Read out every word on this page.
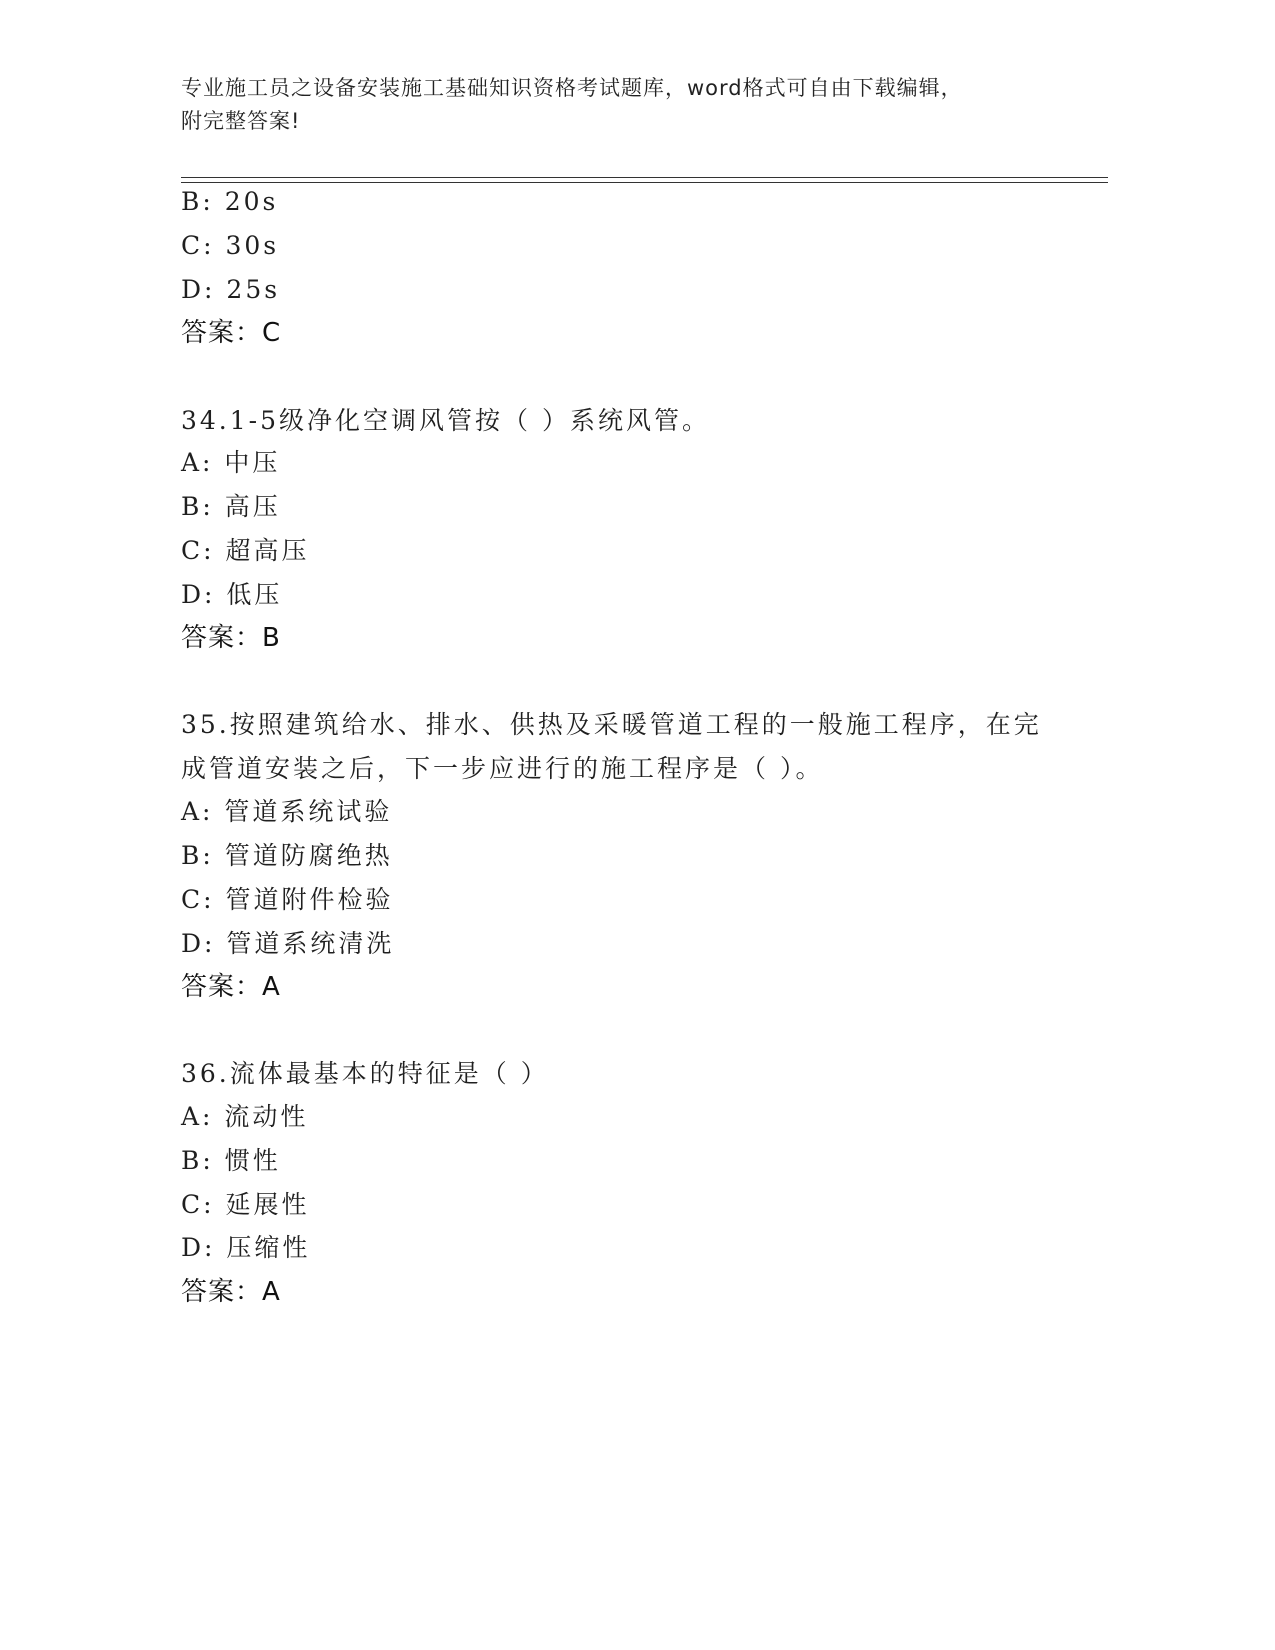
专业施工员之设备安装施工基础知识资格考试题库，word格式可自由下载编辑，
附完整答案!
B: 20s
C: 30s
D: 25s
答案：C
34.1-5级净化空调风管按（ ）系统风管。
A: 中压
B: 高压
C: 超高压
D: 低压
答案：B
35.按照建筑给水、排水、供热及采暖管道工程的一般施工程序，在完
成管道安装之后，下一步应进行的施工程序是（ ）。
A: 管道系统试验
B: 管道防腐绝热
C: 管道附件检验
D: 管道系统清洗
答案：A
36.流体最基本的特征是（ ）
A: 流动性
B: 惯性
C: 延展性
D: 压缩性
答案：A
